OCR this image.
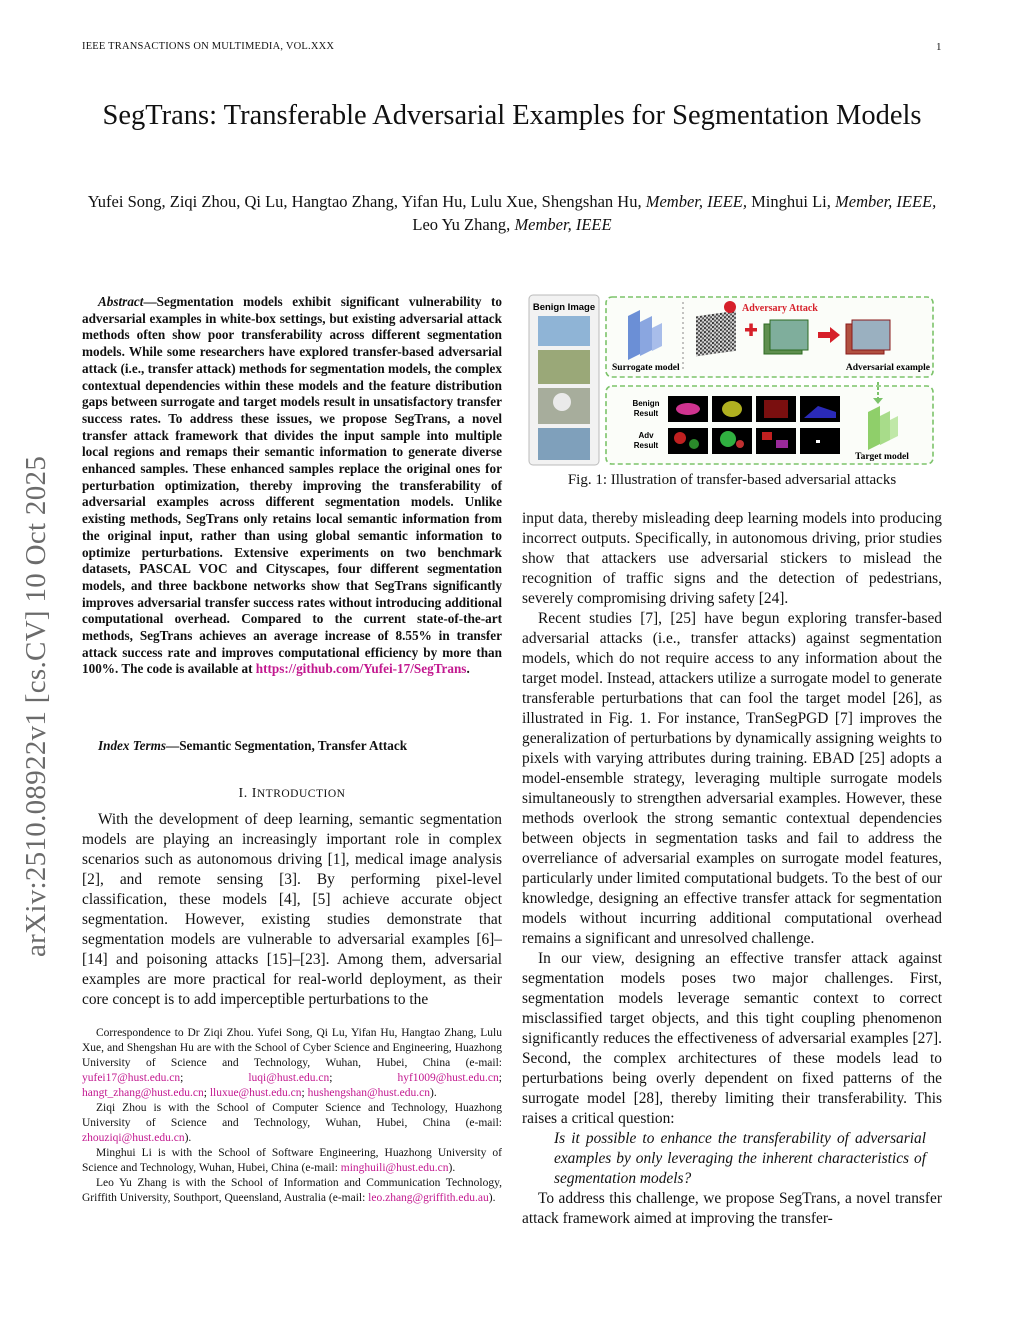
IEEE TRANSACTIONS ON MULTIMEDIA, VOL.XXX	1
arXiv:2510.08922v1 [cs.CV] 10 Oct 2025
SegTrans: Transferable Adversarial Examples for Segmentation Models
Yufei Song, Ziqi Zhou, Qi Lu, Hangtao Zhang, Yifan Hu, Lulu Xue, Shengshan Hu, Member, IEEE, Minghui Li, Member, IEEE, Leo Yu Zhang, Member, IEEE
Abstract—Segmentation models exhibit significant vulnerability to adversarial examples in white-box settings, but existing adversarial attack methods often show poor transferability across different segmentation models. While some researchers have explored transfer-based adversarial attack (i.e., transfer attack) methods for segmentation models, the complex contextual dependencies within these models and the feature distribution gaps between surrogate and target models result in unsatisfactory transfer success rates. To address these issues, we propose SegTrans, a novel transfer attack framework that divides the input sample into multiple local regions and remaps their semantic information to generate diverse enhanced samples. These enhanced samples replace the original ones for perturbation optimization, thereby improving the transferability of adversarial examples across different segmentation models. Unlike existing methods, SegTrans only retains local semantic information from the original input, rather than using global semantic information to optimize perturbations. Extensive experiments on two benchmark datasets, PASCAL VOC and Cityscapes, four different segmentation models, and three backbone networks show that SegTrans significantly improves adversarial transfer success rates without introducing additional computational overhead. Compared to the current state-of-the-art methods, SegTrans achieves an average increase of 8.55% in transfer attack success rate and improves computational efficiency by more than 100%. The code is available at https://github.com/Yufei-17/SegTrans.
Index Terms—Semantic Segmentation, Transfer Attack
I. INTRODUCTION

With the development of deep learning, semantic segmentation models are playing an increasingly important role in complex scenarios such as autonomous driving [1], medical image analysis [2], and remote sensing [3]. By performing pixel-level classification, these models [4], [5] achieve accurate object segmentation. However, existing studies demonstrate that segmentation models are vulnerable to adversarial examples [6]–[14] and poisoning attacks [15]–[23]. Among them, adversarial examples are more practical for real-world deployment, as their core concept is to add imperceptible perturbations to the

Correspondence to Dr Ziqi Zhou. Yufei Song, Qi Lu, Yifan Hu, Hangtao Zhang, Lulu Xue, and Shengshan Hu are with the School of Cyber Science and Engineering, Huazhong University of Science and Technology, Wuhan, Hubei, China (e-mail: yufei17@hust.edu.cn; luqi@hust.edu.cn; hyf1009@hust.edu.cn; hangt_zhang@hust.edu.cn; lluxue@hust.edu.cn; hushengshan@hust.edu.cn).

Ziqi Zhou is with the School of Computer Science and Technology, Huazhong University of Science and Technology, Wuhan, Hubei, China (e-mail: zhouziqi@hust.edu.cn).

Minghui Li is with the School of Software Engineering, Huazhong University of Science and Technology, Wuhan, Hubei, China (e-mail: minghuili@hust.edu.cn).

Leo Yu Zhang is with the School of Information and Communication Technology, Griffith University, Southport, Queensland, Australia (e-mail: leo.zhang@griffith.edu.au).

Benign Image
Surrogate model
Adversary Attack
Adversarial example
Benign
Result
Adv
Result
Target model
Fig. 1: Illustration of transfer-based adversarial attacks

input data, thereby misleading deep learning models into producing incorrect outputs. Specifically, in autonomous driving, prior studies show that attackers use adversarial stickers to mislead the recognition of traffic signs and the detection of pedestrians, severely compromising driving safety [24].

Recent studies [7], [25] have begun exploring transfer-based adversarial attacks (i.e., transfer attacks) against segmentation models, which do not require access to any information about the target model. Instead, attackers utilize a surrogate model to generate transferable perturbations that can fool the target model [26], as illustrated in Fig. 1. For instance, TranSegPGD [7] improves the generalization of perturbations by dynamically assigning weights to pixels with varying attributes during training. EBAD [25] adopts a model-ensemble strategy, leveraging multiple surrogate models simultaneously to strengthen adversarial examples. However, these methods overlook the strong semantic contextual dependencies between objects in segmentation tasks and fail to address the overreliance of adversarial examples on surrogate model features, particularly under limited computational budgets. To the best of our knowledge, designing an effective transfer attack for segmentation models without incurring additional computational overhead remains a significant and unresolved challenge.

In our view, designing an effective transfer attack against segmentation models poses two major challenges. First, segmentation models leverage semantic context to correct misclassified target objects, and this tight coupling phenomenon significantly reduces the effectiveness of adversarial examples [27]. Second, the complex architectures of these models lead to perturbations being overly dependent on fixed patterns of the surrogate model [28], thereby limiting their transferability. This raises a critical question:

Is it possible to enhance the transferability of adversarial examples by only leveraging the inherent characteristics of segmentation models?

To address this challenge, we propose SegTrans, a novel transfer attack framework aimed at improving the transfer-
